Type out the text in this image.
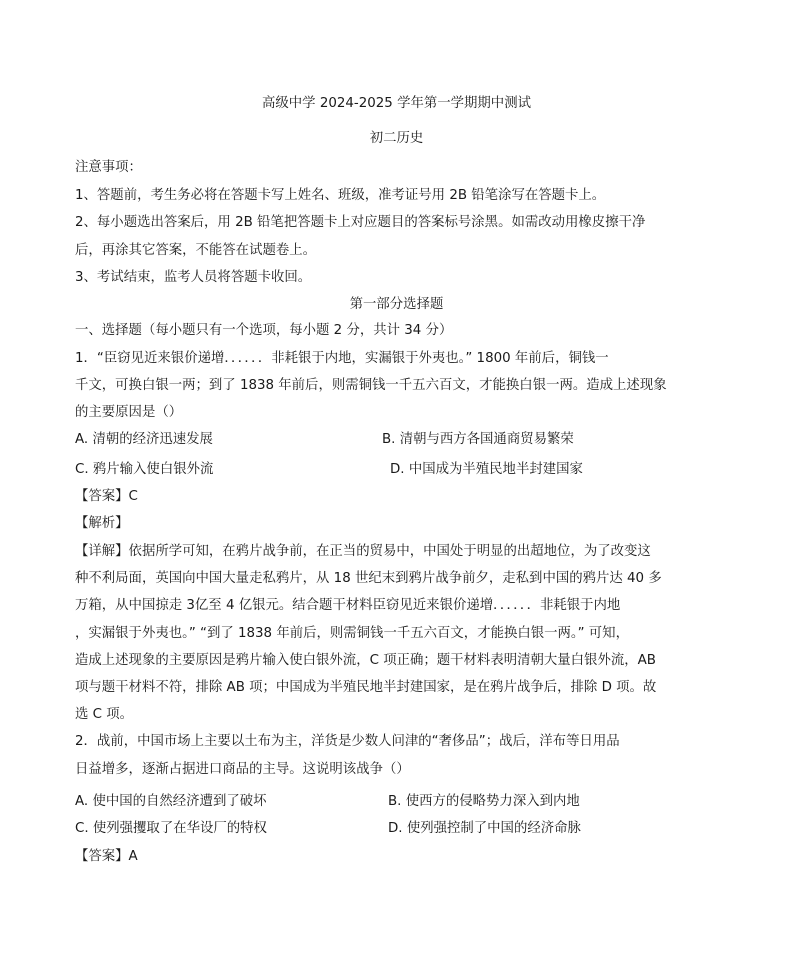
高级中学 2024-2025 学年第一学期期中测试
初二历史
注意事项：
1、答题前，考生务必将在答题卡写上姓名、班级，准考证号用 2B 铅笔涂写在答题卡上。
2、每小题选出答案后，用 2B 铅笔把答题卡上对应题目的答案标号涂黑。如需改动用橡皮擦干净
后，再涂其它答案，不能答在试题卷上。
3、考试结束，监考人员将答题卡收回。
第一部分选择题
一、选择题（每小题只有一个选项，每小题 2 分，共计 34 分）
1．“臣窃见近来银价递增．．．．．．非耗银于内地，实漏银于外夷也。” 1800 年前后，铜钱一
千文，可换白银一两；到了 1838 年前后，则需铜钱一千五六百文，才能换白银一两。造成上述现象
的主要原因是（）
A. 清朝的经济迅速发展	B. 清朝与西方各国通商贸易繁荣
C. 鸦片输入使白银外流	D. 中国成为半殖民地半封建国家
【答案】C
【解析】
【详解】依据所学可知，在鸦片战争前，在正当的贸易中，中国处于明显的出超地位，为了改变这
种不利局面，英国向中国大量走私鸦片，从 18 世纪末到鸦片战争前夕，走私到中国的鸦片达 40 多
万箱，从中国掠走 3亿至 4 亿银元。结合题干材料臣窃见近来银价递增．．．．．．非耗银于内地
，实漏银于外夷也。” “到了 1838 年前后，则需铜钱一千五六百文，才能换白银一两。” 可知，
造成上述现象的主要原因是鸦片输入使白银外流，C 项正确；题干材料表明清朝大量白银外流，AB
项与题干材料不符，排除 AB 项；中国成为半殖民地半封建国家，是在鸦片战争后，排除 D 项。故
选 C 项。
2．战前，中国市场上主要以土布为主，洋货是少数人问津的“奢侈品”；战后，洋布等日用品
日益增多，逐渐占据进口商品的主导。这说明该战争（）
A. 使中国的自然经济遭到了破坏	B. 使西方的侵略势力深入到内地
C. 使列强攫取了在华设厂的特权	D. 使列强控制了中国的经济命脉
【答案】A
